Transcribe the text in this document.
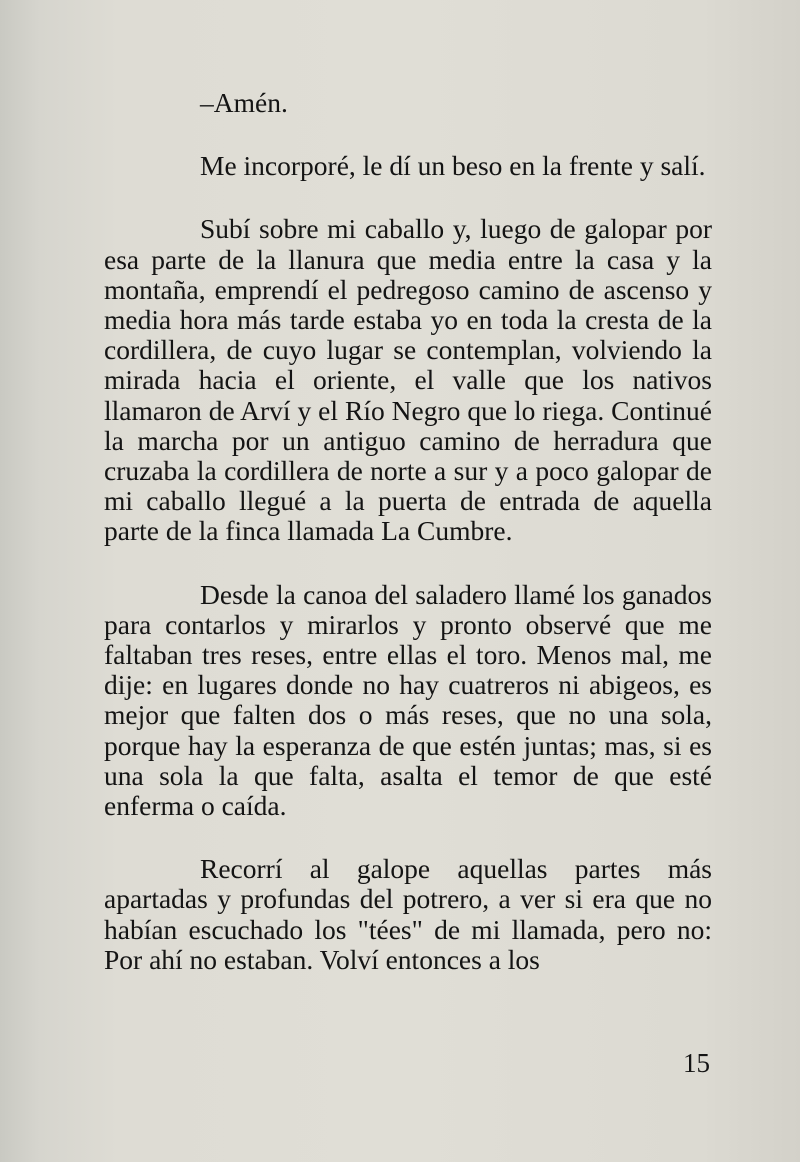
–Amén.

Me incorporé, le dí un beso en la frente y salí.

Subí sobre mi caballo y, luego de galopar por esa parte de la llanura que media entre la casa y la montaña, emprendí el pedregoso camino de ascenso y media hora más tarde estaba yo en toda la cresta de la cordillera, de cuyo lugar se contemplan, volviendo la mirada hacia el oriente, el valle que los nativos llamaron de Arví y el Río Negro que lo riega. Continué la marcha por un antiguo camino de herradura que cruzaba la cordillera de norte a sur y a poco galopar de mi caballo llegué a la puerta de entrada de aquella parte de la finca llamada La Cumbre.

Desde la canoa del saladero llamé los ganados para contarlos y mirarlos y pronto observé que me faltaban tres reses, entre ellas el toro. Menos mal, me dije: en lugares donde no hay cuatreros ni abigeos, es mejor que falten dos o más reses, que no una sola, porque hay la esperanza de que estén juntas; mas, si es una sola la que falta, asalta el temor de que esté enferma o caída.

Recorrí al galope aquellas partes más apartadas y profundas del potrero, a ver si era que no habían escuchado los "tées" de mi llamada, pero no: Por ahí no estaban. Volví entonces a los

15
